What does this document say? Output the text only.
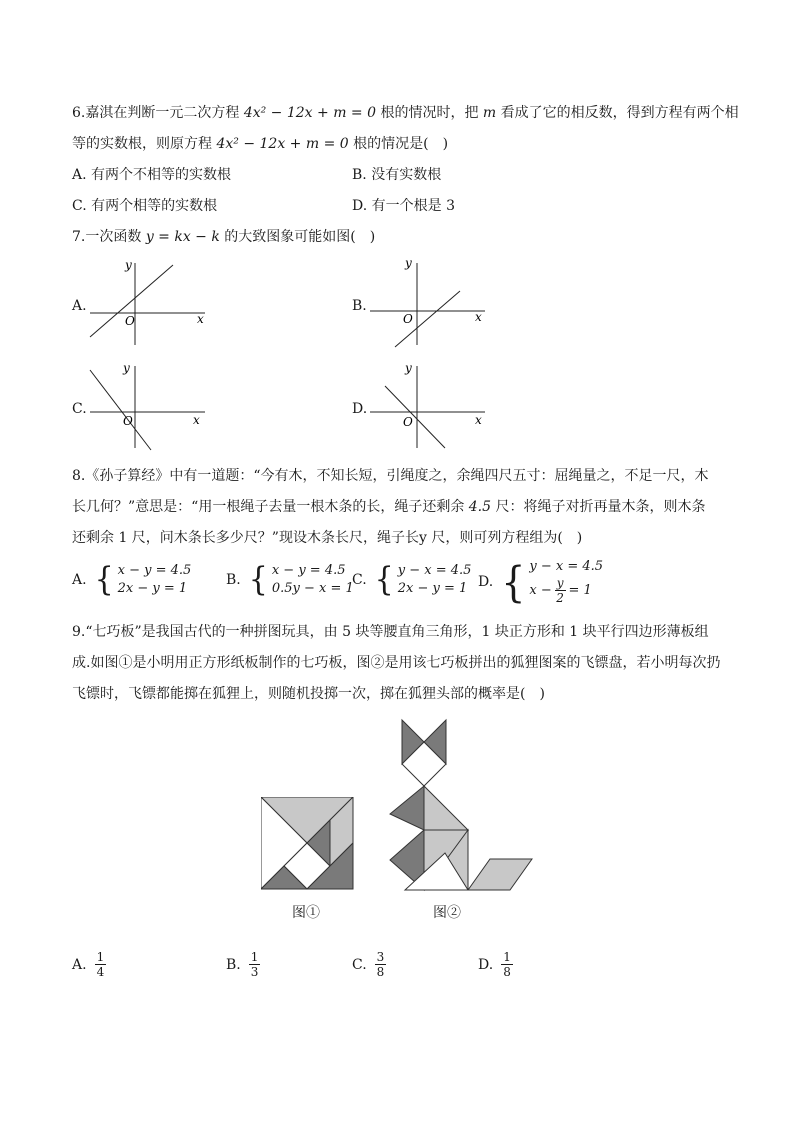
6.嘉淇在判断一元二次方程 4x² − 12x + m = 0 根的情况时，把 m 看成了它的相反数，得到方程有两个相
等的实数根，则原方程 4x² − 12x + m = 0 根的情况是(　)
A. 有两个不相等的实数根	B. 没有实数根
C. 有两个相等的实数根	D. 有一个根是 3
7.一次函数 y = kx − k 的大致图象可能如图(　)
A.
x
y
O
B.
x
y
O
C.
x
y
O
D.
x
y
O
8.《孙子算经》中有一道题：“今有木，不知长短，引绳度之，余绳四尺五寸：屈绳量之，不足一尺，木
长几何？”意思是：“用一根绳子去量一根木条的长，绳子还剩余 4.5 尺：将绳子对折再量木条，则木条
还剩余 1 尺，问木条长多少尺？”现设木条长尺，绳子长y 尺，则可列方程组为(　)
A. { x − y = 4.5
2x − y = 1
B. { x − y = 4.5
0.5y − x = 1
C. { y − x = 4.5
2x − y = 1 D. { y − x = 4.5
$x - \frac{y}{2} = 1$
9.“七巧板”是我国古代的一种拼图玩具，由 5 块等腰直角三角形，1 块正方形和 1 块平行四边形薄板组
成.如图①是小明用正方形纸板制作的七巧板，图②是用该七巧板拼出的狐狸图案的飞镖盘，若小明每次扔
飞镖时，飞镖都能掷在狐狸上，则随机投掷一次，掷在狐狸头部的概率是(　)
图①	图②
A. $\frac{1}{4}$	B. $\frac{1}{3}$	C. $\frac{3}{8}$	D. $\frac{1}{8}$
